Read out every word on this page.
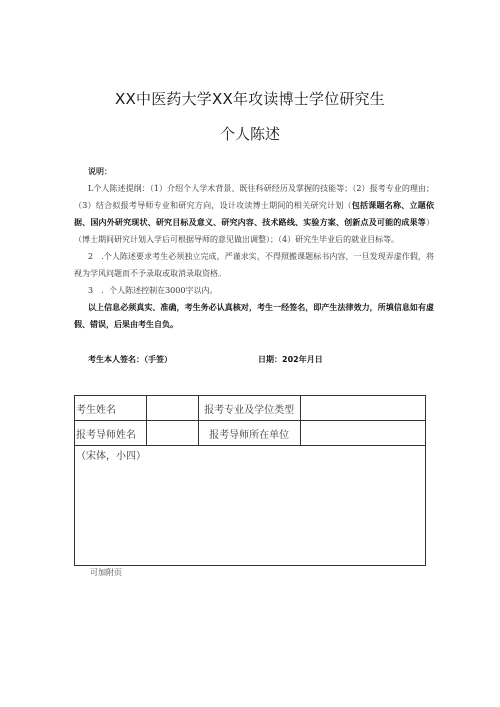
XX中医药大学XX年攻读博士学位研究生
个人陈述

说明：

L个人陈述提纲：（1）介绍个人学术背景、既往科研经历及掌握的技能等；（2）报考专业的理由；（3）结合拟报考导师专业和研究方向，设计攻读博士期间的相关研究计划（包括课题名称、立题依据、国内外研究现状、研究目标及意义、研究内容、技术路线、实验方案、创新点及可能的成果等）（博士期间研究计划入学后可根据导师的意见做出调整）；（4）研究生毕业后的就业目标等。

2　.个人陈述要求考生必须独立完成，严谨求实，不得照搬课题标书内容，一旦发现弄虚作假，将视为学风问题而不予录取或取消录取资格。

3　．个人陈述控制在3000字以内。

以上信息必须真实、准确，考生务必认真核对，考生一经签名，即产生法律效力，所填信息如有虚假、错误，后果由考生自负。

考生本人签名：（手签）	日期：202年月日
考生姓名		报考专业及学位类型	
报考导师姓名		报考导师所在单位	
（宋体，小四）			
可加附页
